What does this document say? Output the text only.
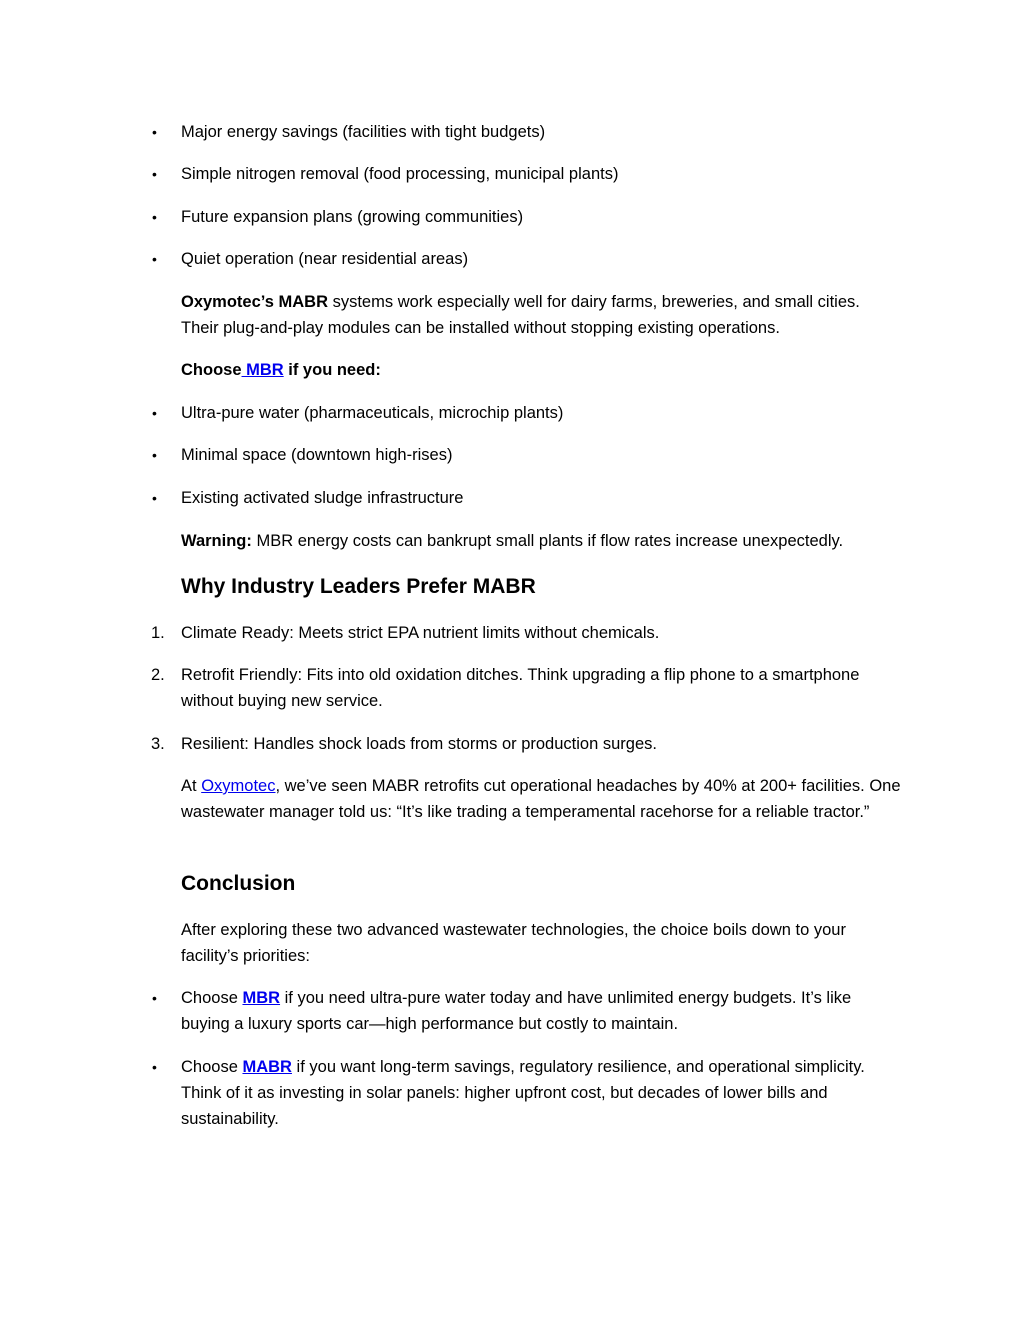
•	Major energy savings (facilities with tight budgets)

•	Simple nitrogen removal (food processing, municipal plants)

•	Future expansion plans (growing communities)

•	Quiet operation (near residential areas)

Oxymotec’s MABR systems work especially well for dairy farms, breweries, and small cities. Their plug-and-play modules can be installed without stopping existing operations.

Choose MBR if you need:

•	Ultra-pure water (pharmaceuticals, microchip plants)

•	Minimal space (downtown high-rises)

•	Existing activated sludge infrastructure

Warning: MBR energy costs can bankrupt small plants if flow rates increase unexpectedly.

Why Industry Leaders Prefer MABR

1. Climate Ready: Meets strict EPA nutrient limits without chemicals.

2. Retrofit Friendly: Fits into old oxidation ditches. Think upgrading a flip phone to a smartphone without buying new service.

3. Resilient: Handles shock loads from storms or production surges.

At Oxymotec, we’ve seen MABR retrofits cut operational headaches by 40% at 200+ facilities. One wastewater manager told us: “It’s like trading a temperamental racehorse for a reliable tractor.”

Conclusion

After exploring these two advanced wastewater technologies, the choice boils down to your facility’s priorities:

•	Choose MBR if you need ultra-pure water today and have unlimited energy budgets. It’s like buying a luxury sports car—high performance but costly to maintain.

•	Choose MABR if you want long-term savings, regulatory resilience, and operational simplicity. Think of it as investing in solar panels: higher upfront cost, but decades of lower bills and sustainability.
